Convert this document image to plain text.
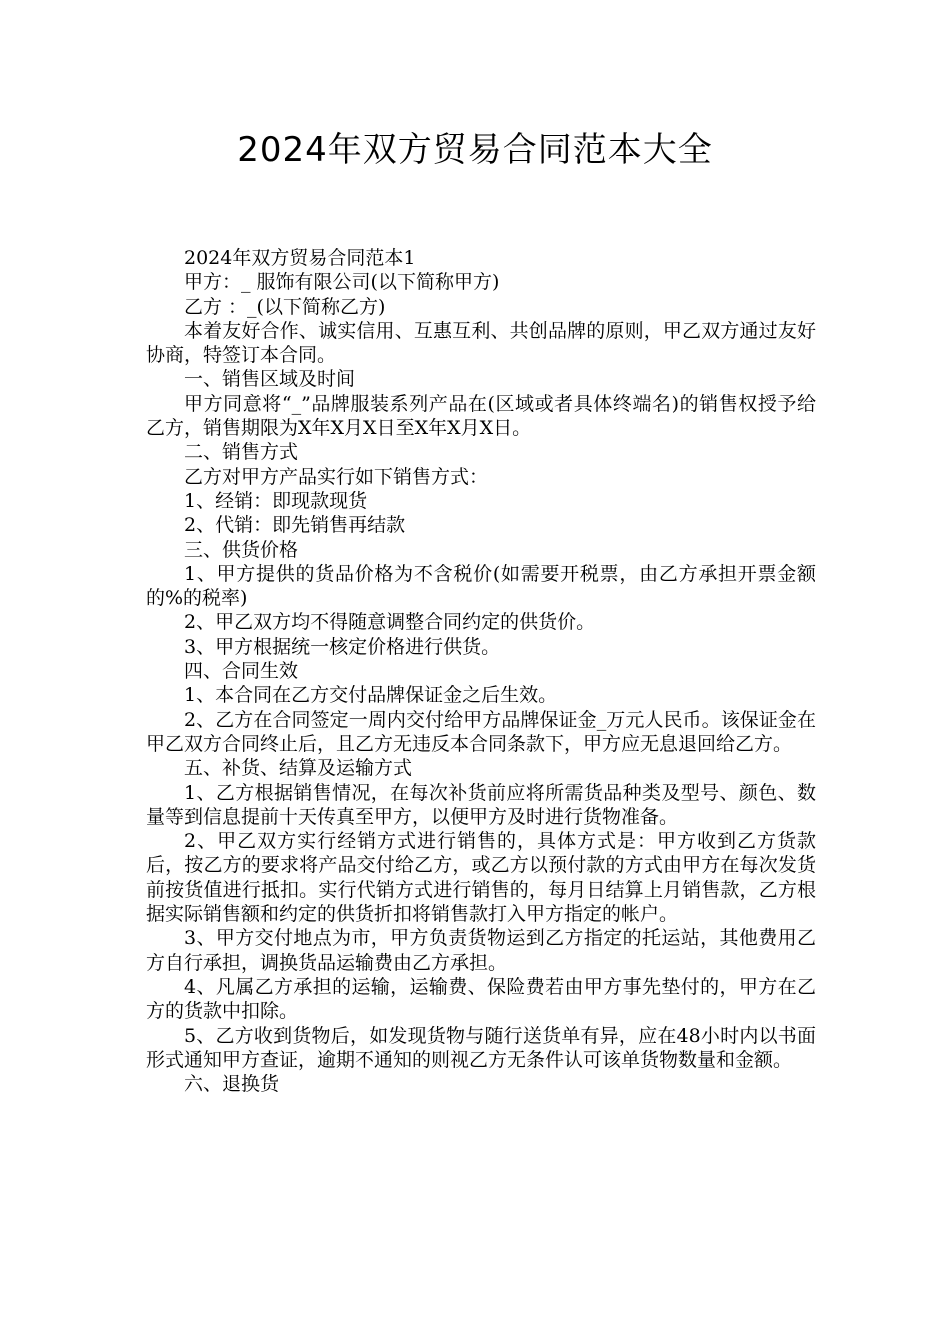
2024年双方贸易合同范本大全

2024年双方贸易合同范本1

甲方：_ 服饰有限公司(以下简称甲方)

乙方 ：_(以下简称乙方)

本着友好合作、诚实信用、互惠互利、共创品牌的原则，甲乙双方通过友好协商，特签订本合同。

一、销售区域及时间

甲方同意将“_”品牌服装系列产品在(区域或者具体终端名)的销售权授予给乙方，销售期限为X年X月X日至X年X月X日。

二、销售方式

乙方对甲方产品实行如下销售方式：

1、经销：即现款现货

2、代销：即先销售再结款

三、供货价格

1、甲方提供的货品价格为不含税价(如需要开税票，由乙方承担开票金额的%的税率)

2、甲乙双方均不得随意调整合同约定的供货价。

3、甲方根据统一核定价格进行供货。

四、合同生效

1、本合同在乙方交付品牌保证金之后生效。

2、乙方在合同签定一周内交付给甲方品牌保证金_万元人民币。该保证金在甲乙双方合同终止后，且乙方无违反本合同条款下，甲方应无息退回给乙方。

五、补货、结算及运输方式

1、乙方根据销售情况，在每次补货前应将所需货品种类及型号、颜色、数量等到信息提前十天传真至甲方，以便甲方及时进行货物准备。

2、甲乙双方实行经销方式进行销售的，具体方式是：甲方收到乙方货款后，按乙方的要求将产品交付给乙方，或乙方以预付款的方式由甲方在每次发货前按货值进行抵扣。实行代销方式进行销售的，每月日结算上月销售款，乙方根据实际销售额和约定的供货折扣将销售款打入甲方指定的帐户。

3、甲方交付地点为市，甲方负责货物运到乙方指定的托运站，其他费用乙方自行承担，调换货品运输费由乙方承担。

4、凡属乙方承担的运输，运输费、保险费若由甲方事先垫付的，甲方在乙方的货款中扣除。

5、乙方收到货物后，如发现货物与随行送货单有异，应在48小时内以书面形式通知甲方查证，逾期不通知的则视乙方无条件认可该单货物数量和金额。

六、退换货
